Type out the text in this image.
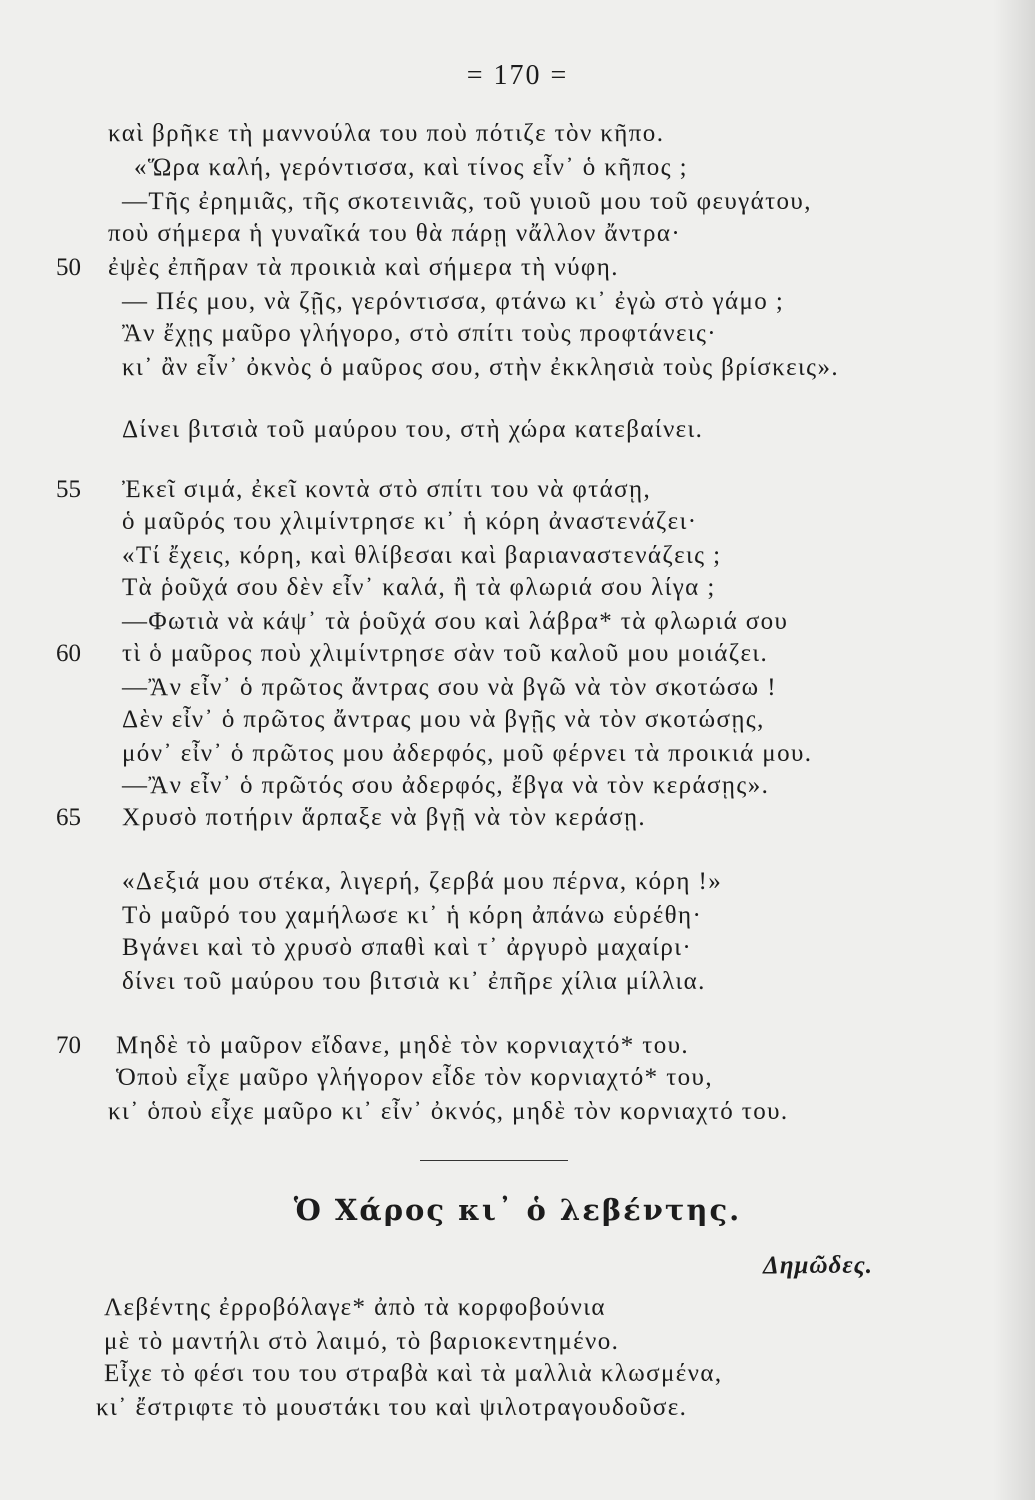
= 170 =
καὶ βρῆκε τὴ μαννούλα του ποὺ πότιζε τὸν κῆπο.
«Ὥρα καλή, γερόντισσα, καὶ τίνος εἶν᾽ ὁ κῆπος ;
—Τῆς ἐρημιᾶς, τῆς σκοτεινιᾶς, τοῦ γυιοῦ μου τοῦ φευγάτου,
ποὺ σήμερα ἡ γυναῖκά του θὰ πάρῃ νἄλλον ἄντρα·
50	ἐψὲς ἐπῆραν τὰ προικιὰ καὶ σήμερα τὴ νύφη.
— Πές μου, νὰ ζῇς, γερόντισσα, φτάνω κι᾽ ἐγὼ στὸ γάμο ;
Ἂν ἔχῃς μαῦρο γλήγορο, στὸ σπίτι τοὺς προφτάνεις·
κι᾽ ἂν εἶν᾽ ὀκνὸς ὁ μαῦρος σου, στὴν ἐκκλησιὰ τοὺς βρίσκεις».
Δίνει βιτσιὰ τοῦ μαύρου του, στὴ χώρα κατεβαίνει.
55	Ἐκεῖ σιμά, ἐκεῖ κοντὰ στὸ σπίτι του νὰ φτάσῃ,
ὁ μαῦρός του χλιμίντρησε κι᾽ ἡ κόρη ἀναστενάζει·
«Τί ἔχεις, κόρη, καὶ θλίβεσαι καὶ βαριαναστενάζεις ;
Τὰ ῥοῦχά σου δὲν εἶν᾽ καλά, ἢ τὰ φλωριά σου λίγα ;
—Φωτιὰ νὰ κάψ᾽ τὰ ῥοῦχά σου καὶ λάβρα* τὰ φλωριά σου
60	τὶ ὁ μαῦρος ποὺ χλιμίντρησε σὰν τοῦ καλοῦ μου μοιάζει.
—Ἂν εἶν᾽ ὁ πρῶτος ἄντρας σου νὰ βγῶ νὰ τὸν σκοτώσω !
Δὲν εἶν᾽ ὁ πρῶτος ἄντρας μου νὰ βγῇς νὰ τὸν σκοτώσῃς,
μόν᾽ εἶν᾽ ὁ πρῶτος μου ἀδερφός, μοῦ φέρνει τὰ προικιά μου.
—Ἂν εἶν᾽ ὁ πρῶτός σου ἀδερφός, ἔβγα νὰ τὸν κεράσῃς».
65	Χρυσὸ ποτήριν ἅρπαξε νὰ βγῇ νὰ τὸν κεράσῃ.
«Δεξιά μου στέκα, λιγερή, ζερβά μου πέρνα, κόρη !»
Τὸ μαῦρό του χαμήλωσε κι᾽ ἡ κόρη ἀπάνω εὑρέθη·
Βγάνει καὶ τὸ χρυσὸ σπαθὶ καὶ τ᾽ ἀργυρὸ μαχαίρι·
δίνει τοῦ μαύρου του βιτσιὰ κι᾽ ἐπῆρε χίλια μίλλια.
70	Μηδὲ τὸ μαῦρον εἴδανε, μηδὲ τὸν κορνιαχτό* του.
Ὁποὺ εἶχε μαῦρο γλήγορον εἶδε τὸν κορνιαχτό* του,
κι᾽ ὁποὺ εἶχε μαῦρο κι᾽ εἶν᾽ ὀκνός, μηδὲ τὸν κορνιαχτό του.
Ὁ Χάρος κι᾽ ὁ λεβέντης.
Δημῶδες.
Λεβέντης ἐρροβόλαγε* ἀπὸ τὰ κορφοβούνια
μὲ τὸ μαντήλι στὸ λαιμό, τὸ βαριοκεντημένο.
Εἶχε τὸ φέσι του του στραβὰ καὶ τὰ μαλλιὰ κλωσμένα,
κι᾽ ἔστριφτε τὸ μουστάκι του καὶ ψιλοτραγουδοῦσε.
